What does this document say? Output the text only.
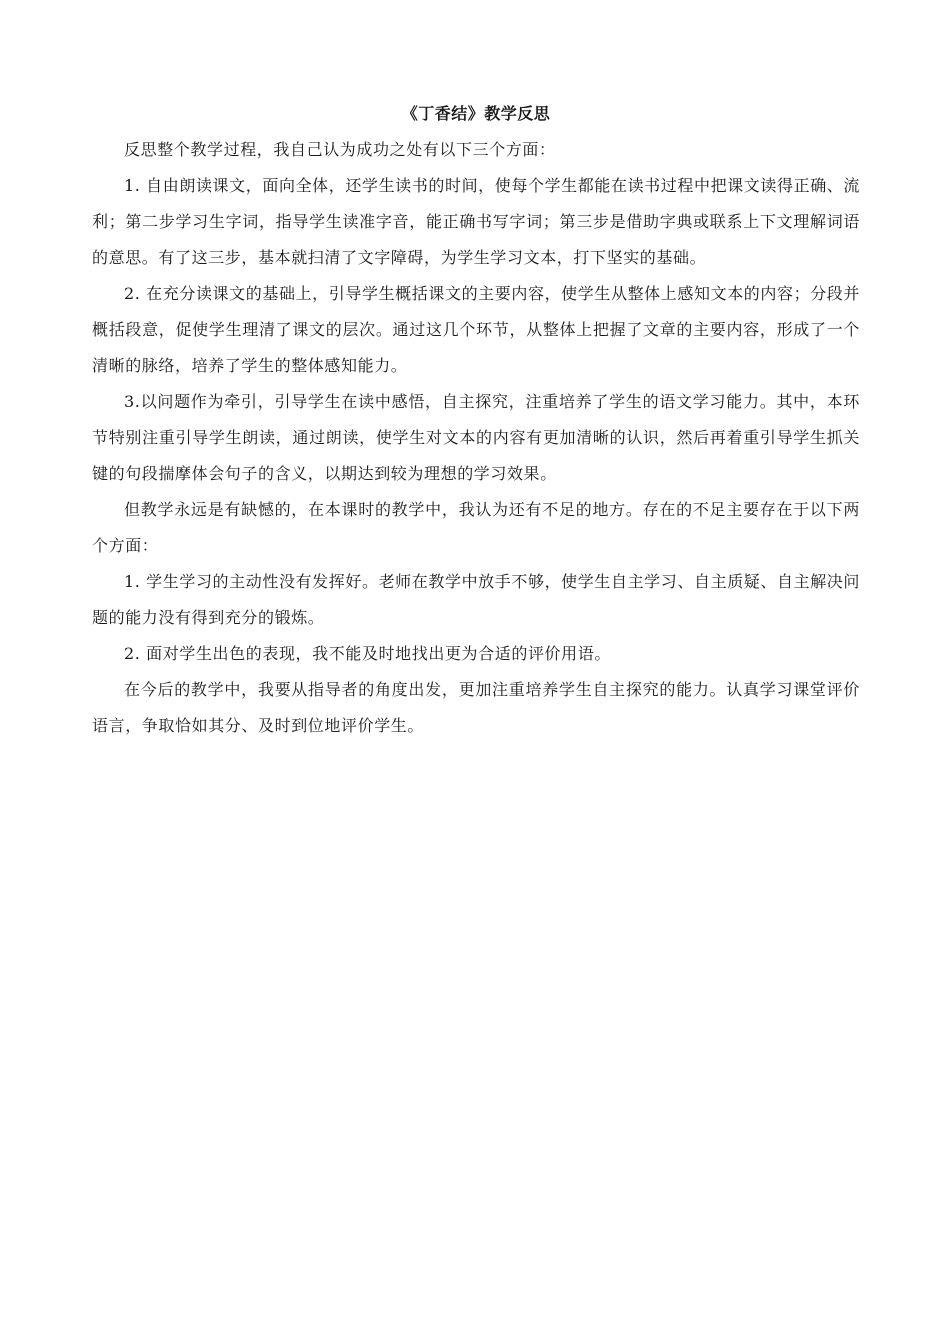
《丁香结》教学反思

反思整个教学过程，我自己认为成功之处有以下三个方面：

1. 自由朗读课文，面向全体，还学生读书的时间，使每个学生都能在读书过程中把课文读得正确、流利；第二步学习生字词，指导学生读准字音，能正确书写字词；第三步是借助字典或联系上下文理解词语的意思。有了这三步，基本就扫清了文字障碍，为学生学习文本，打下坚实的基础。

2. 在充分读课文的基础上，引导学生概括课文的主要内容，使学生从整体上感知文本的内容；分段并概括段意，促使学生理清了课文的层次。通过这几个环节，从整体上把握了文章的主要内容，形成了一个清晰的脉络，培养了学生的整体感知能力。

3.以问题作为牵引，引导学生在读中感悟，自主探究，注重培养了学生的语文学习能力。其中，本环节特别注重引导学生朗读，通过朗读，使学生对文本的内容有更加清晰的认识，然后再着重引导学生抓关键的句段揣摩体会句子的含义，以期达到较为理想的学习效果。

但教学永远是有缺憾的，在本课时的教学中，我认为还有不足的地方。存在的不足主要存在于以下两个方面：

1. 学生学习的主动性没有发挥好。老师在教学中放手不够，使学生自主学习、自主质疑、自主解决问题的能力没有得到充分的锻炼。

2. 面对学生出色的表现，我不能及时地找出更为合适的评价用语。

在今后的教学中，我要从指导者的角度出发，更加注重培养学生自主探究的能力。认真学习课堂评价语言，争取恰如其分、及时到位地评价学生。
